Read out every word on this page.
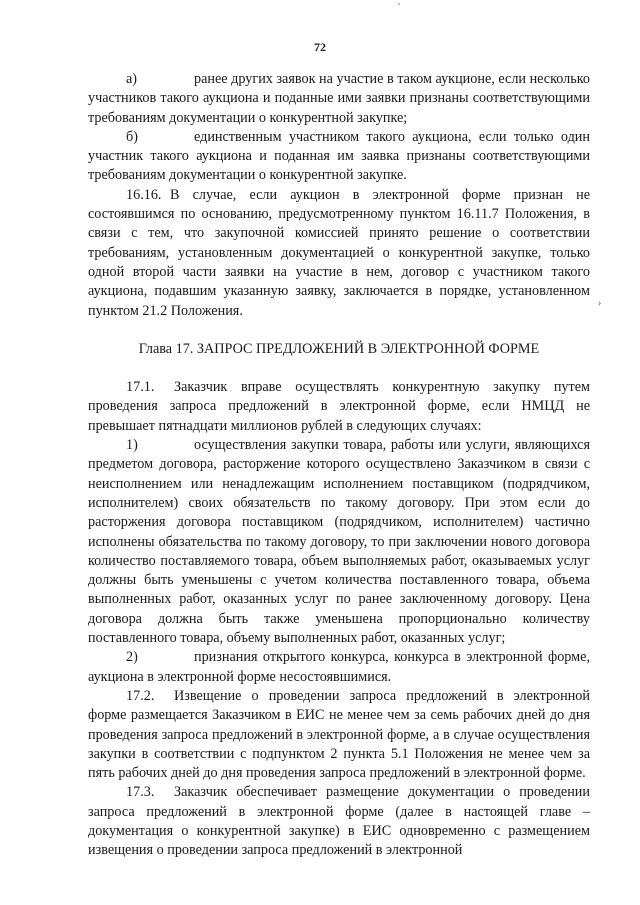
ʹ
›
72

а)	ранее других заявок на участие в таком аукционе, если несколько участников такого аукциона и поданные ими заявки признаны соответствующими требованиям документации о конкурентной закупке;

б)	единственным участником такого аукциона, если только один участник такого аукциона и поданная им заявка признаны соответствующими требованиям документации о конкурентной закупке.

16.16. В случае, если аукцион в электронной форме признан не состоявшимся по основанию, предусмотренному пунктом 16.11.7 Положения, в связи с тем, что закупочной комиссией принято решение о соответствии требованиям, установленным документацией о конкурентной закупке, только одной второй части заявки на участие в нем, договор с участником такого аукциона, подавшим указанную заявку, заключается в порядке, установленном пунктом 21.2 Положения.

Глава 17. ЗАПРОС ПРЕДЛОЖЕНИЙ В ЭЛЕКТРОННОЙ ФОРМЕ

17.1. Заказчик вправе осуществлять конкурентную закупку путем проведения запроса предложений в электронной форме, если НМЦД не превышает пятнадцати миллионов рублей в следующих случаях:

1)	осуществления закупки товара, работы или услуги, являющихся предметом договора, расторжение которого осуществлено Заказчиком в связи с неисполнением или ненадлежащим исполнением поставщиком (подрядчиком, исполнителем) своих обязательств по такому договору. При этом если до расторжения договора поставщиком (подрядчиком, исполнителем) частично исполнены обязательства по такому договору, то при заключении нового договора количество поставляемого товара, объем выполняемых работ, оказываемых услуг должны быть уменьшены с учетом количества поставленного товара, объема выполненных работ, оказанных услуг по ранее заключенному договору. Цена договора должна быть также уменьшена пропорционально количеству поставленного товара, объему выполненных работ, оказанных услуг;

2)	признания открытого конкурса, конкурса в электронной форме, аукциона в электронной форме несостоявшимися.

17.2. Извещение о проведении запроса предложений в электронной форме размещается Заказчиком в ЕИС не менее чем за семь рабочих дней до дня проведения запроса предложений в электронной форме, а в случае осуществления закупки в соответствии с подпунктом 2 пункта 5.1 Положения не менее чем за пять рабочих дней до дня проведения запроса предложений в электронной форме.

17.3. Заказчик обеспечивает размещение документации о проведении запроса предложений в электронной форме (далее в настоящей главе – документация о конкурентной закупке) в ЕИС одновременно с размещением извещения о проведении запроса предложений в электронной
